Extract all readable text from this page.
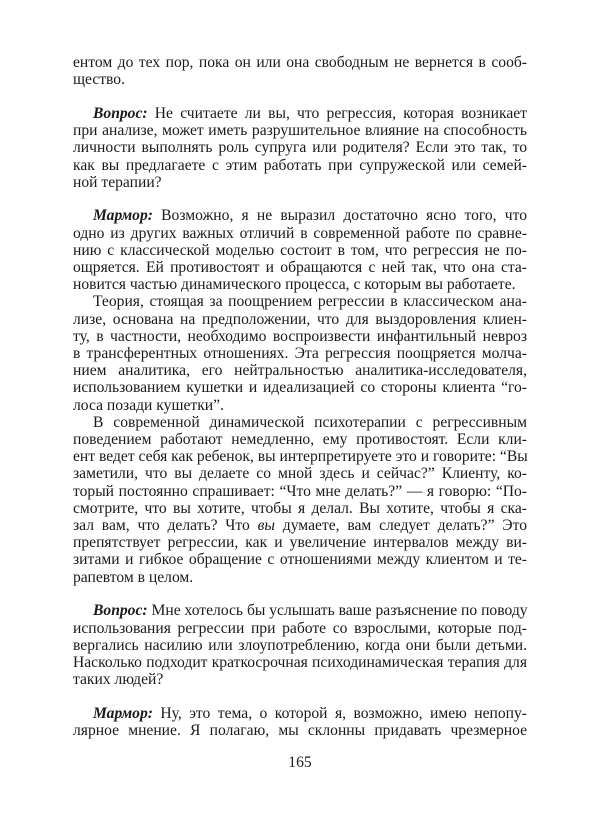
ентом до тех пор, пока он или она свободным не вернется в сооб-
щество.
Вопрос: Не считаете ли вы, что регрессия, которая возникает
при анализе, может иметь разрушительное влияние на способность
личности выполнять роль супруга или родителя? Если это так, то
как вы предлагаете с этим работать при супружеской или семей-
ной терапии?
Мармор: Возможно, я не выразил достаточно ясно того, что
одно из других важных отличий в современной работе по сравне-
нию с классической моделью состоит в том, что регрессия не по-
ощряется. Ей противостоят и обращаются с ней так, что она ста-
новится частью динамического процесса, с которым вы работаете.
Теория, стоящая за поощрением регрессии в классическом ана-
лизе, основана на предположении, что для выздоровления клиен-
ту, в частности, необходимо воспроизвести инфантильный невроз
в трансферентных отношениях. Эта регрессия поощряется молча-
нием аналитика, его нейтральностью аналитика-исследователя,
использованием кушетки и идеализацией со стороны клиента “го-
лоса позади кушетки”.
В современной динамической психотерапии с регрессивным
поведением работают немедленно, ему противостоят. Если кли-
ент ведет себя как ребенок, вы интерпретируете это и говорите: “Вы
заметили, что вы делаете со мной здесь и сейчас?” Клиенту, ко-
торый постоянно спрашивает: “Что мне делать?” — я говорю: “По-
смотрите, что вы хотите, чтобы я делал. Вы хотите, чтобы я ска-
зал вам, что делать? Что вы думаете, вам следует делать?” Это
препятствует регрессии, как и увеличение интервалов между ви-
зитами и гибкое обращение с отношениями между клиентом и те-
рапевтом в целом.
Вопрос: Мне хотелось бы услышать ваше разъяснение по поводу
использования регрессии при работе со взрослыми, которые под-
вергались насилию или злоупотреблению, когда они были детьми.
Насколько подходит краткосрочная психодинамическая терапия для
таких людей?
Мармор: Ну, это тема, о которой я, возможно, имею непопу-
лярное мнение. Я полагаю, мы склонны придавать чрезмерное
165
